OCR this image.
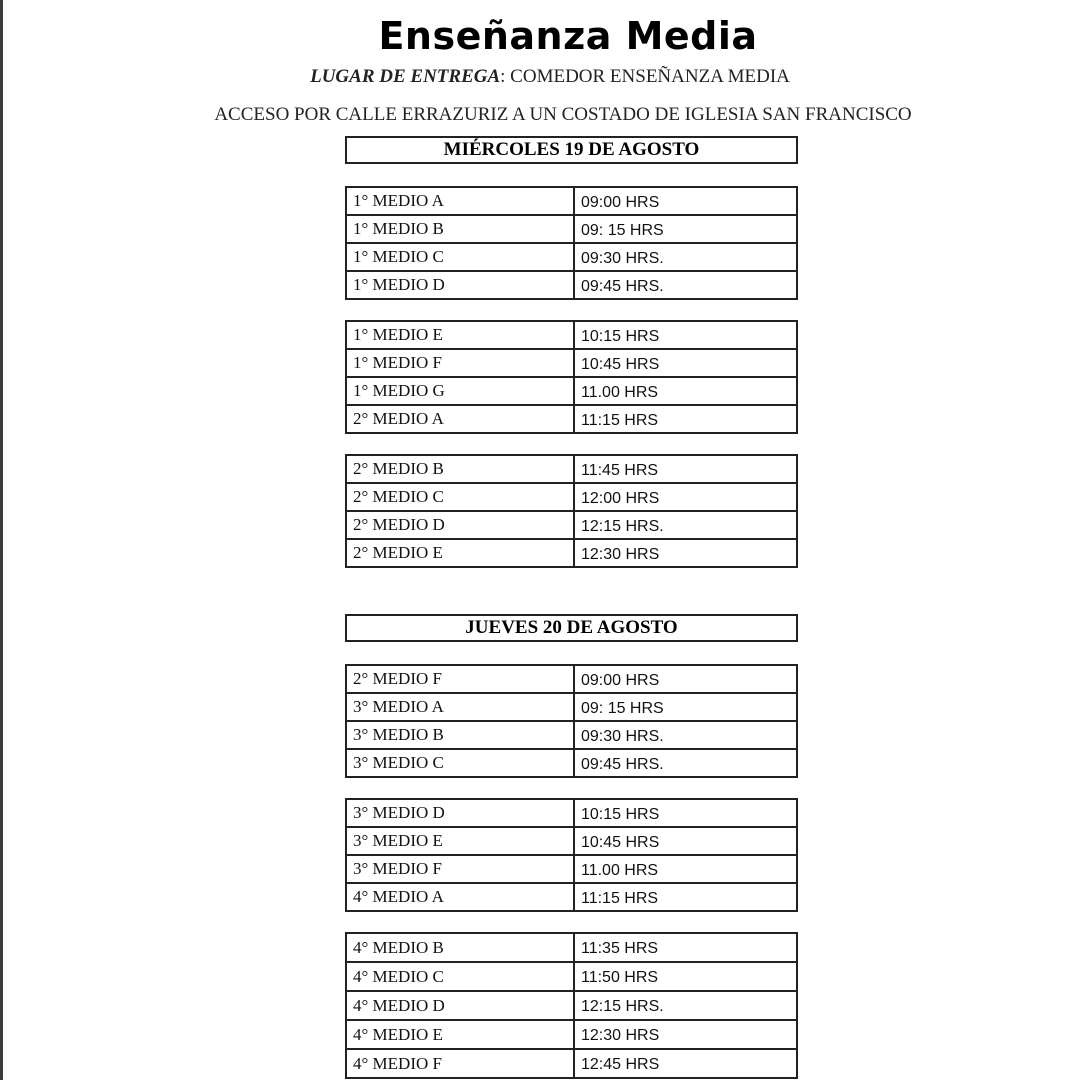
Enseñanza Media
LUGAR DE ENTREGA: COMEDOR ENSEÑANZA MEDIA
ACCESO POR CALLE ERRAZURIZ A UN COSTADO DE IGLESIA SAN FRANCISCO
MIÉRCOLES 19 DE AGOSTO
1° MEDIO A	09:00 HRS
1° MEDIO B	09: 15 HRS
1° MEDIO C	09:30 HRS.
1° MEDIO D	09:45 HRS.
1° MEDIO E	10:15 HRS
1° MEDIO F	10:45 HRS
1° MEDIO G	11.00 HRS
2° MEDIO A	11:15 HRS
2° MEDIO B	11:45 HRS
2° MEDIO C	12:00 HRS
2° MEDIO D	12:15 HRS.
2° MEDIO E	12:30 HRS
JUEVES 20 DE AGOSTO
2° MEDIO F	09:00 HRS
3° MEDIO A	09: 15 HRS
3° MEDIO B	09:30 HRS.
3° MEDIO C	09:45 HRS.
3° MEDIO D	10:15 HRS
3° MEDIO E	10:45 HRS
3° MEDIO F	11.00 HRS
4° MEDIO A	11:15 HRS
4° MEDIO B	11:35 HRS
4° MEDIO C	11:50 HRS
4° MEDIO D	12:15 HRS.
4° MEDIO E	12:30 HRS
4° MEDIO F	12:45 HRS
